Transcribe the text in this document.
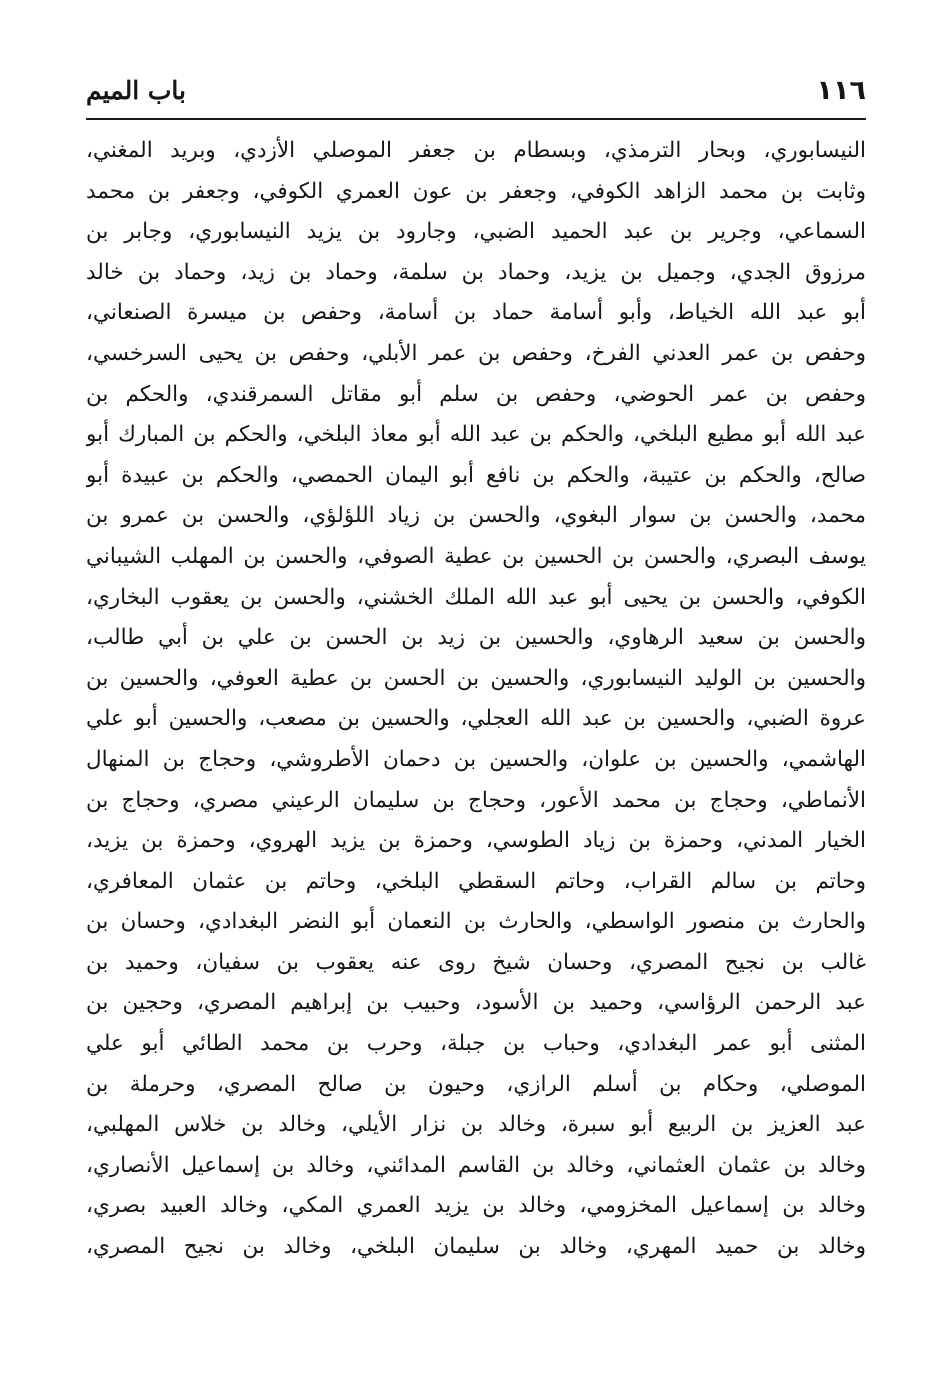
١١٦
باب الميم
النيسابوري، وبحار الترمذي، وبسطام بن جعفر الموصلي الأزدي، وبريد المغني،
وثابت بن محمد الزاهد الكوفي، وجعفر بن عون العمري الكوفي، وجعفر بن محمد
السماعي، وجرير بن عبد الحميد الضبي، وجارود بن يزيد النيسابوري، وجابر بن
مرزوق الجدي، وجميل بن يزيد، وحماد بن سلمة، وحماد بن زيد، وحماد بن خالد
أبو عبد الله الخياط، وأبو أسامة حماد بن أسامة، وحفص بن ميسرة الصنعاني،
وحفص بن عمر العدني الفرخ، وحفص بن عمر الأبلي، وحفص بن يحيى السرخسي،
وحفص بن عمر الحوضي، وحفص بن سلم أبو مقاتل السمرقندي، والحكم بن
عبد الله أبو مطيع البلخي، والحكم بن عبد الله أبو معاذ البلخي، والحكم بن المبارك أبو
صالح، والحكم بن عتيبة، والحكم بن نافع أبو اليمان الحمصي، والحكم بن عبيدة أبو
محمد، والحسن بن سوار البغوي، والحسن بن زياد اللؤلؤي، والحسن بن عمرو بن
يوسف البصري، والحسن بن الحسين بن عطية الصوفي، والحسن بن المهلب الشيباني
الكوفي، والحسن بن يحيى أبو عبد الله الملك الخشني، والحسن بن يعقوب البخاري،
والحسن بن سعيد الرهاوي، والحسين بن زيد بن الحسن بن علي بن أبي طالب،
والحسين بن الوليد النيسابوري، والحسين بن الحسن بن عطية العوفي، والحسين بن
عروة الضبي، والحسين بن عبد الله العجلي، والحسين بن مصعب، والحسين أبو علي
الهاشمي، والحسين بن علوان، والحسين بن دحمان الأطروشي، وحجاج بن المنهال
الأنماطي، وحجاج بن محمد الأعور، وحجاج بن سليمان الرعيني مصري، وحجاج بن
الخيار المدني، وحمزة بن زياد الطوسي، وحمزة بن يزيد الهروي، وحمزة بن يزيد،
وحاتم بن سالم القراب، وحاتم السقطي البلخي، وحاتم بن عثمان المعافري،
والحارث بن منصور الواسطي، والحارث بن النعمان أبو النضر البغدادي، وحسان بن
غالب بن نجيح المصري، وحسان شيخ روى عنه يعقوب بن سفيان، وحميد بن
عبد الرحمن الرؤاسي، وحميد بن الأسود، وحبيب بن إبراهيم المصري، وحجين بن
المثنى أبو عمر البغدادي، وحباب بن جبلة، وحرب بن محمد الطائي أبو علي
الموصلي، وحكام بن أسلم الرازي، وحيون بن صالح المصري، وحرملة بن
عبد العزيز بن الربيع أبو سبرة، وخالد بن نزار الأيلي، وخالد بن خلاس المهلبي،
وخالد بن عثمان العثماني، وخالد بن القاسم المدائني، وخالد بن إسماعيل الأنصاري،
وخالد بن إسماعيل المخزومي، وخالد بن يزيد العمري المكي، وخالد العبيد بصري،
وخالد بن حميد المهري، وخالد بن سليمان البلخي، وخالد بن نجيح المصري،
